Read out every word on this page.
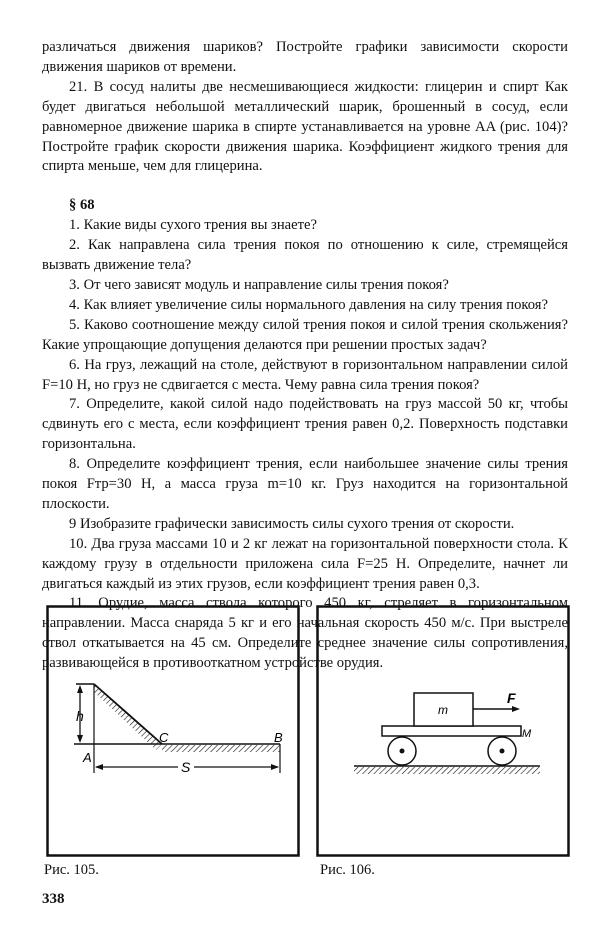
различаться движения шариков? Постройте графики зависимости скорости движения шариков от времени.

21. В сосуд налиты две несмешивающиеся жидкости: глицерин и спирт Как будет двигаться небольшой металлический шарик, брошенный в сосуд, если равномерное движение шарика в спирте устанавливается на уровне AA (рис. 104)? Постройте график скорости движения шарика. Коэффициент жидкого трения для спирта меньше, чем для глицерина.

§ 68

1. Какие виды сухого трения вы знаете?

2. Как направлена сила трения покоя по отношению к силе, стремящейся вызвать движение тела?

3. От чего зависят модуль и направление силы трения покоя?

4. Как влияет увеличение силы нормального давления на силу трения покоя?

5. Каково соотношение между силой трения покоя и силой трения скольжения? Какие упрощающие допущения делаются при решении простых задач?

6. На груз, лежащий на столе, действуют в горизонтальном направлении силой F=10 Н, но груз не сдвигается с места. Чему равна сила трения покоя?

7. Определите, какой силой надо подействовать на груз массой 50 кг, чтобы сдвинуть его с места, если коэффициент трения равен 0,2. Поверхность подставки горизонтальна.

8. Определите коэффициент трения, если наибольшее значение силы трения покоя Fтр=30 Н, а масса груза m=10 кг. Груз находится на горизонтальной плоскости.

9 Изобразите графически зависимость силы сухого трения от скорости.

10. Два груза массами 10 и 2 кг лежат на горизонтальной поверхности стола. К каждому грузу в отдельности приложена сила F=25 Н. Определите, начнет ли двигаться каждый из этих грузов, если коэффициент трения равен 0,3.

11. Орудие, масса ствола которого 450 кг, стреляет в горизонтальном направлении. Масса снаряда 5 кг и его начальная скорость 450 м/с. При выстреле ствол откатывается на 45 см. Определите среднее значение силы сопротивления, развивающейся в противооткатном устройстве орудия.

h
A
C	B
S
Рис. 105.
m
F
M
Рис. 106.
338
